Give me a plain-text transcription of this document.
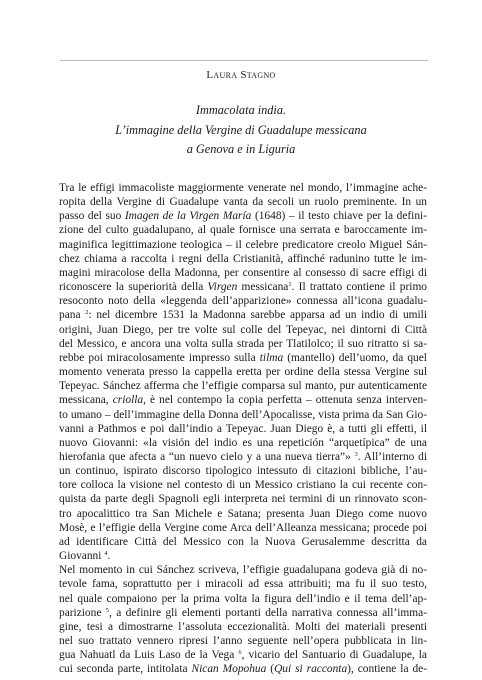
Laura Stagno
Immacolata india.
L’immagine della Vergine di Guadalupe messicana
a Genova e in Liguria
Tra le effigi immacoliste maggiormente venerate nel mondo, l’immagine ache-
ropita della Vergine di Guadalupe vanta da secoli un ruolo preminente. In un
passo del suo Imagen de la Virgen María (1648) – il testo chiave per la defini-
zione del culto guadalupano, al quale fornisce una serrata e baroccamente im-
maginifica legittimazione teologica – il celebre predicatore creolo Miguel Sán-
chez chiama a raccolta i regni della Cristianità, affinché radunino tutte le im-
magini miracolose della Madonna, per consentire al consesso di sacre effigi di
riconoscere la superiorità della Virgen messicana$^1$. Il trattato contiene il primo
resoconto noto della «leggenda dell’apparizione» connessa all’icona guadalu-
pana $^2$: nel dicembre 1531 la Madonna sarebbe apparsa ad un indio di umili
origini, Juan Diego, per tre volte sul colle del Tepeyac, nei dintorni di Città
del Messico, e ancora una volta sulla strada per Tlatilolco; il suo ritratto si sa-
rebbe poi miracolosamente impresso sulla tilma (mantello) dell’uomo, da quel
momento venerata presso la cappella eretta per ordine della stessa Vergine sul
Tepeyac. Sánchez afferma che l’effigie comparsa sul manto, pur autenticamente
messicana, criolla, è nel contempo la copia perfetta – ottenuta senza interven-
to umano – dell’immagine della Donna dell’Apocalisse, vista prima da San Gio-
vanni a Pathmos e poi dall’indio a Tepeyac. Juan Diego è, a tutti gli effetti, il
nuovo Giovanni: «la visión del indio es una repetición “arquetípica” de una
hierofania que afecta a “un nuevo cielo y a una nueva tierra”» $^3$. All’interno di
un continuo, ispirato discorso tipologico intessuto di citazioni bibliche, l’au-
tore colloca la visione nel contesto di un Messico cristiano la cui recente con-
quista da parte degli Spagnoli egli interpreta nei termini di un rinnovato scon-
tro apocalittico tra San Michele e Satana; presenta Juan Diego come nuovo
Mosè, e l’effigie della Vergine come Arca dell’Alleanza messicana; procede poi
ad identificare Città del Messico con la Nuova Gerusalemme descritta da
Giovanni $^4$.
Nel momento in cui Sánchez scriveva, l’effigie guadalupana godeva già di no-
tevole fama, soprattutto per i miracoli ad essa attribuiti; ma fu il suo testo,
nel quale compaiono per la prima volta la figura dell’indio e il tema dell’ap-
parizione $^5$, a definire gli elementi portanti della narrativa connessa all’imma-
gine, tesi a dimostrarne l’assoluta eccezionalità. Molti dei materiali presenti
nel suo trattato vennero ripresi l’anno seguente nell’opera pubblicata in lin-
gua Nahuatl da Luis Laso de la Vega $^6$, vicario del Santuario di Guadalupe, la
cui seconda parte, intitolata Nican Mopohua (Qui si racconta), contiene la de-
